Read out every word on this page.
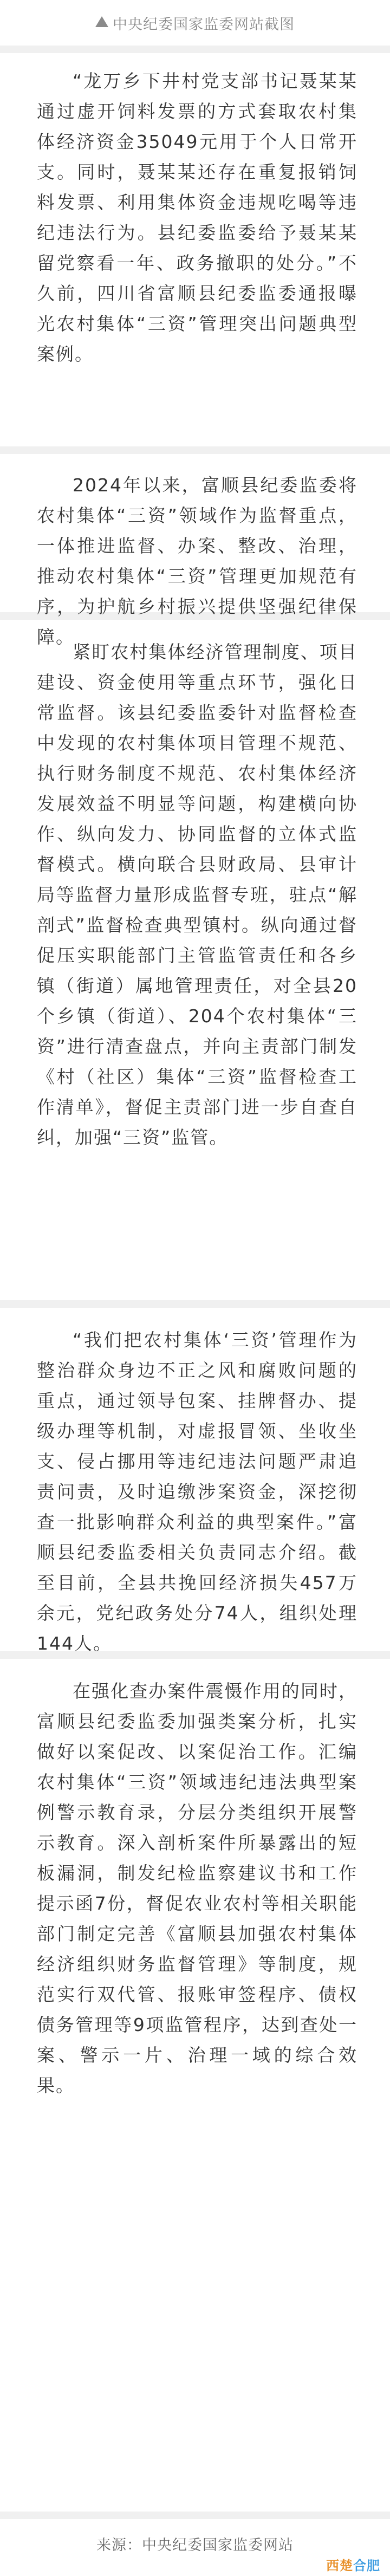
中央纪委国家监委网站截图

“龙万乡下井村党支部书记聂某某通过虚开饲料发票的方式套取农村集体经济资金35049元用于个人日常开支。同时，聂某某还存在重复报销饲料发票、利用集体资金违规吃喝等违纪违法行为。县纪委监委给予聂某某留党察看一年、政务撤职的处分。”不久前，四川省富顺县纪委监委通报曝光农村集体“三资”管理突出问题典型案例。

2024年以来，富顺县纪委监委将农村集体“三资”领域作为监督重点，一体推进监督、办案、整改、治理，推动农村集体“三资”管理更加规范有序，为护航乡村振兴提供坚强纪律保障。

紧盯农村集体经济管理制度、项目建设、资金使用等重点环节，强化日常监督。该县纪委监委针对监督检查中发现的农村集体项目管理不规范、执行财务制度不规范、农村集体经济发展效益不明显等问题，构建横向协作、纵向发力、协同监督的立体式监督模式。横向联合县财政局、县审计局等监督力量形成监督专班，驻点“解剖式”监督检查典型镇村。纵向通过督促压实职能部门主管监管责任和各乡镇（街道）属地管理责任，对全县20个乡镇（街道）、204个农村集体“三资”进行清查盘点，并向主责部门制发《村（社区）集体“三资”监督检查工作清单》，督促主责部门进一步自查自纠，加强“三资”监管。

“我们把农村集体‘三资’管理作为整治群众身边不正之风和腐败问题的重点，通过领导包案、挂牌督办、提级办理等机制，对虚报冒领、坐收坐支、侵占挪用等违纪违法问题严肃追责问责，及时追缴涉案资金，深挖彻查一批影响群众利益的典型案件。”富顺县纪委监委相关负责同志介绍。截至目前，全县共挽回经济损失457万余元，党纪政务处分74人，组织处理144人。

在强化查办案件震慑作用的同时，富顺县纪委监委加强类案分析，扎实做好以案促改、以案促治工作。汇编农村集体“三资”领域违纪违法典型案例警示教育录，分层分类组织开展警示教育。深入剖析案件所暴露出的短板漏洞，制发纪检监察建议书和工作提示函7份，督促农业农村等相关职能部门制定完善《富顺县加强农村集体经济组织财务监督管理》等制度，规范实行双代管、报账审签程序、债权债务管理等9项监管程序，达到查处一案、警示一片、治理一域的综合效果。

来源：中央纪委国家监委网站
西楚合肥
